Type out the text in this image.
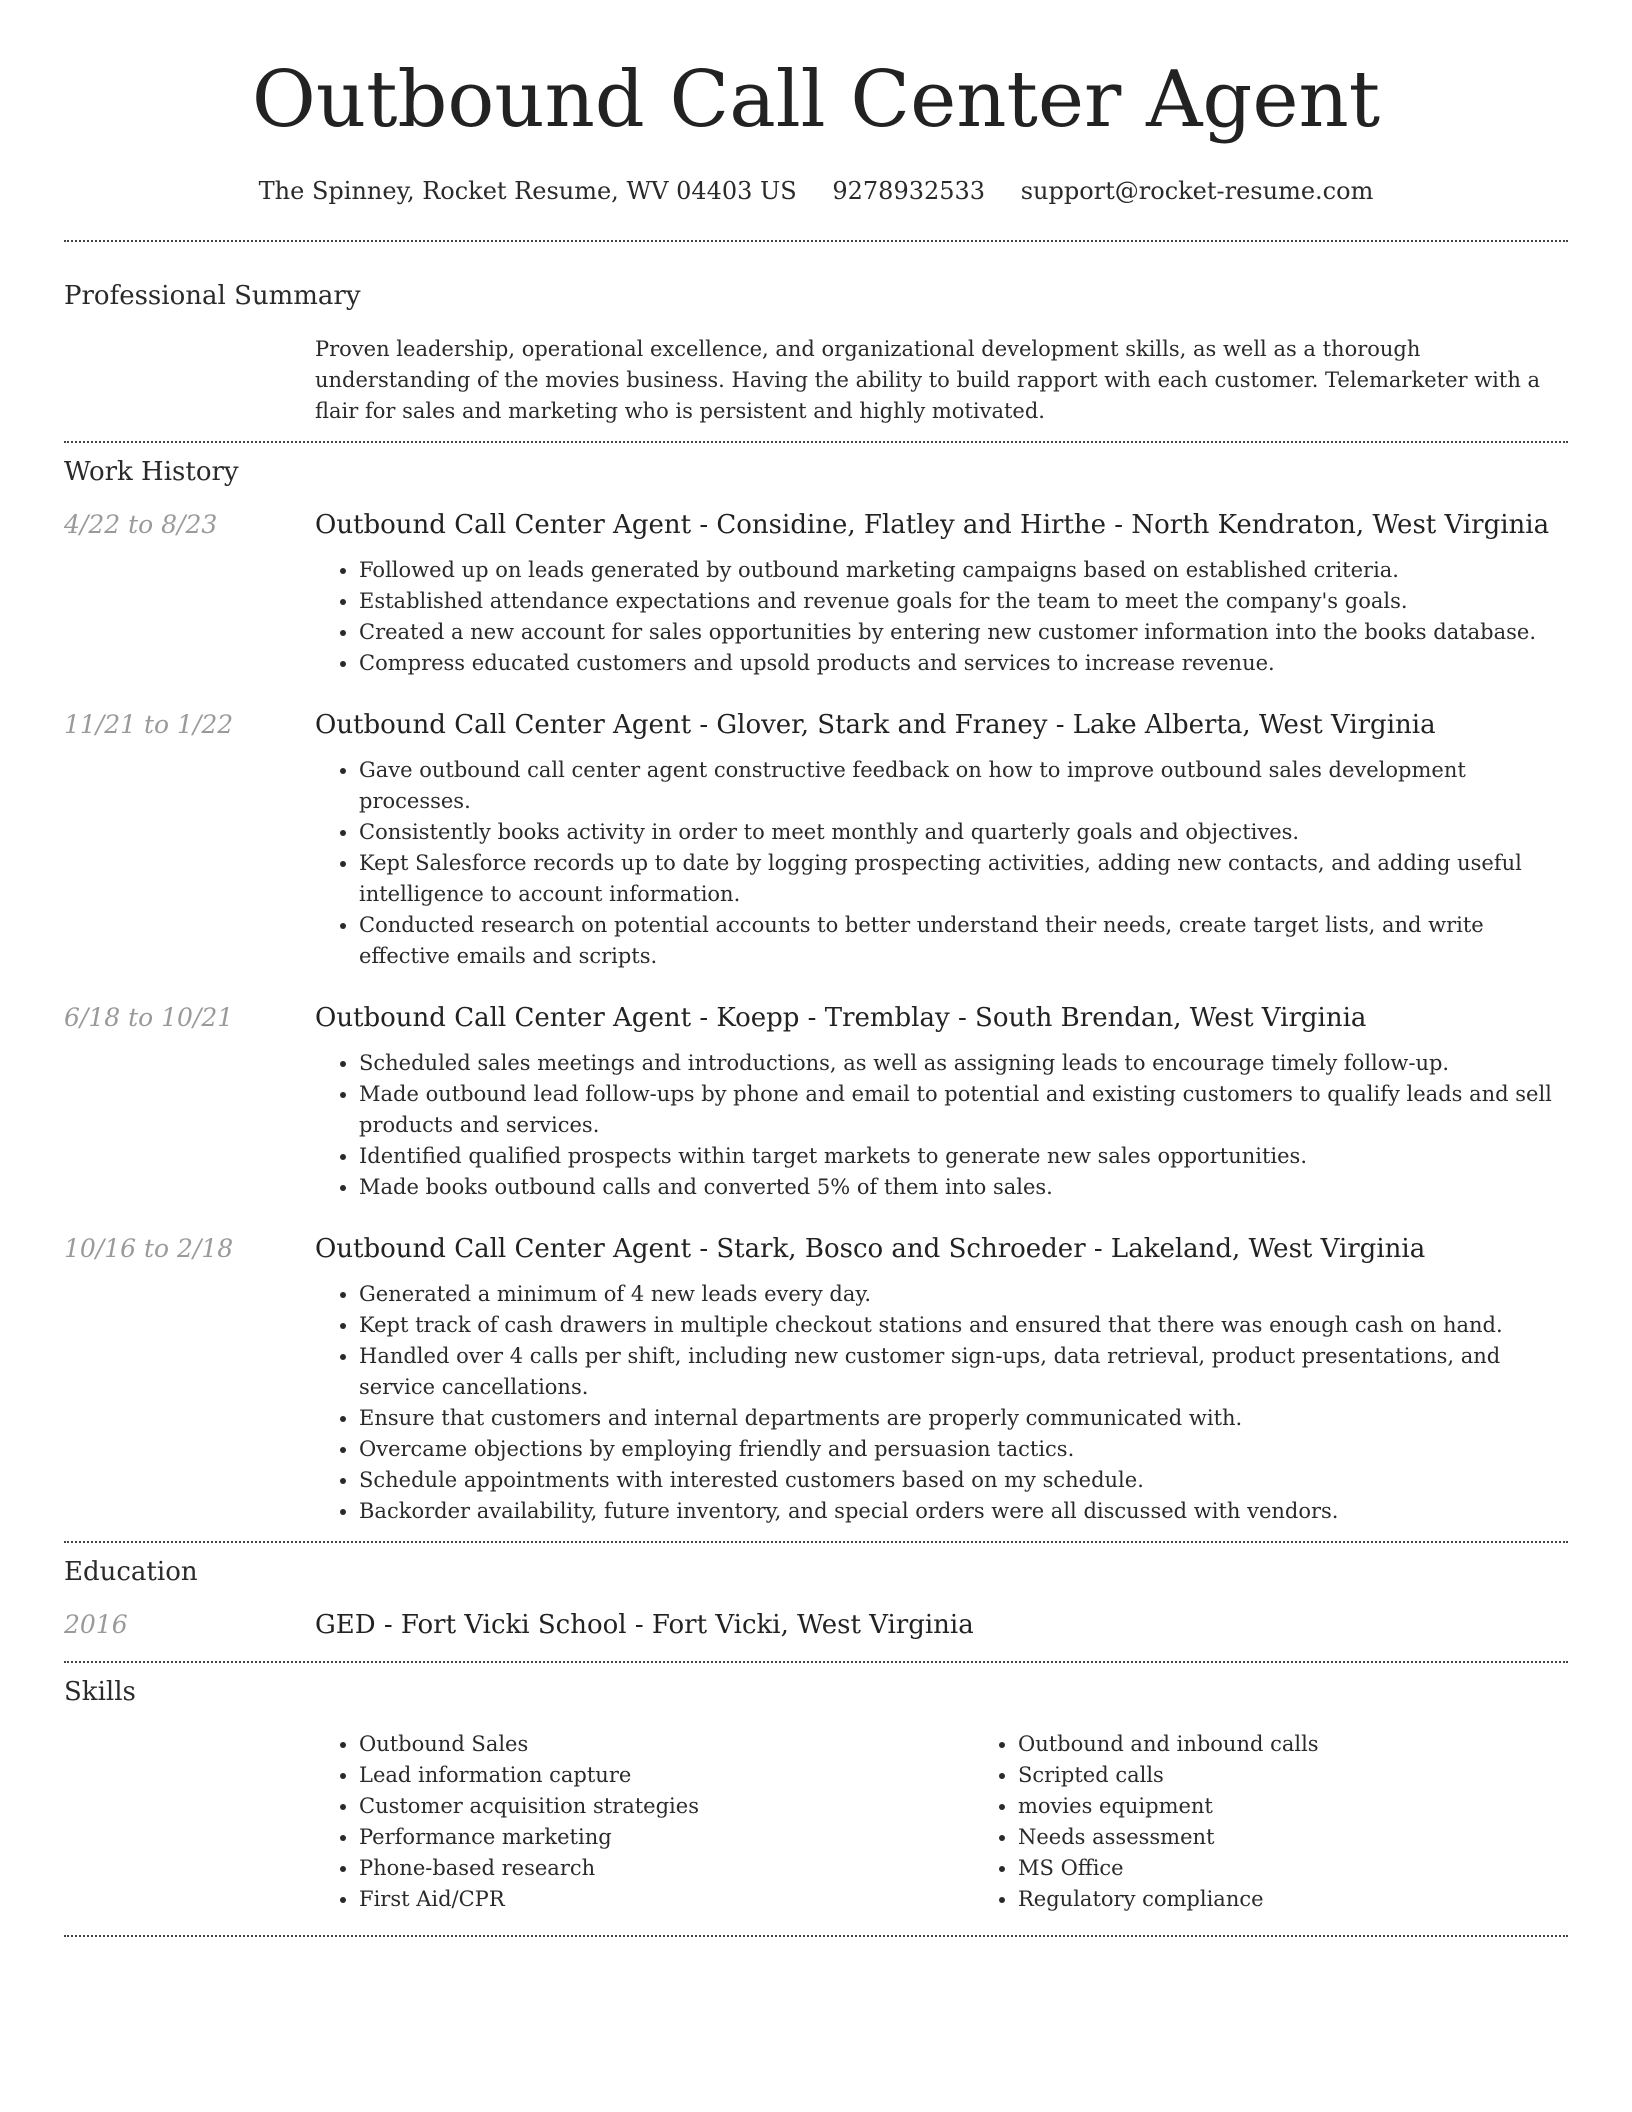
Outbound Call Center Agent
The Spinney, Rocket Resume, WV 04403 US 9278932533 support@rocket-resume.com
Professional Summary

Proven leadership, operational excellence, and organizational development skills, as well as a thorough understanding of the movies business. Having the ability to build rapport with each customer. Telemarketer with a flair for sales and marketing who is persistent and highly motivated.

Work History
4/22 to 8/23	Outbound Call Center Agent - Considine, Flatley and Hirthe - North Kendraton, West Virginia
• Followed up on leads generated by outbound marketing campaigns based on established criteria.
• Established attendance expectations and revenue goals for the team to meet the company's goals.
• Created a new account for sales opportunities by entering new customer information into the books database.
• Compress educated customers and upsold products and services to increase revenue.
11/21 to 1/22	Outbound Call Center Agent - Glover, Stark and Franey - Lake Alberta, West Virginia
• Gave outbound call center agent constructive feedback on how to improve outbound sales development processes.
• Consistently books activity in order to meet monthly and quarterly goals and objectives.
• Kept Salesforce records up to date by logging prospecting activities, adding new contacts, and adding useful intelligence to account information.
• Conducted research on potential accounts to better understand their needs, create target lists, and write effective emails and scripts.
6/18 to 10/21	Outbound Call Center Agent - Koepp - Tremblay - South Brendan, West Virginia
• Scheduled sales meetings and introductions, as well as assigning leads to encourage timely follow-up.
• Made outbound lead follow-ups by phone and email to potential and existing customers to qualify leads and sell products and services.
• Identified qualified prospects within target markets to generate new sales opportunities.
• Made books outbound calls and converted 5% of them into sales.
10/16 to 2/18	Outbound Call Center Agent - Stark, Bosco and Schroeder - Lakeland, West Virginia
• Generated a minimum of 4 new leads every day.
• Kept track of cash drawers in multiple checkout stations and ensured that there was enough cash on hand.
• Handled over 4 calls per shift, including new customer sign-ups, data retrieval, product presentations, and service cancellations.
• Ensure that customers and internal departments are properly communicated with.
• Overcame objections by employing friendly and persuasion tactics.
• Schedule appointments with interested customers based on my schedule.
• Backorder availability, future inventory, and special orders were all discussed with vendors.
Education
2016	GED - Fort Vicki School - Fort Vicki, West Virginia
Skills
• Outbound Sales
• Lead information capture
• Customer acquisition strategies
• Performance marketing
• Phone-based research
• First Aid/CPR
• Outbound and inbound calls
• Scripted calls
• movies equipment
• Needs assessment
• MS Office
• Regulatory compliance
